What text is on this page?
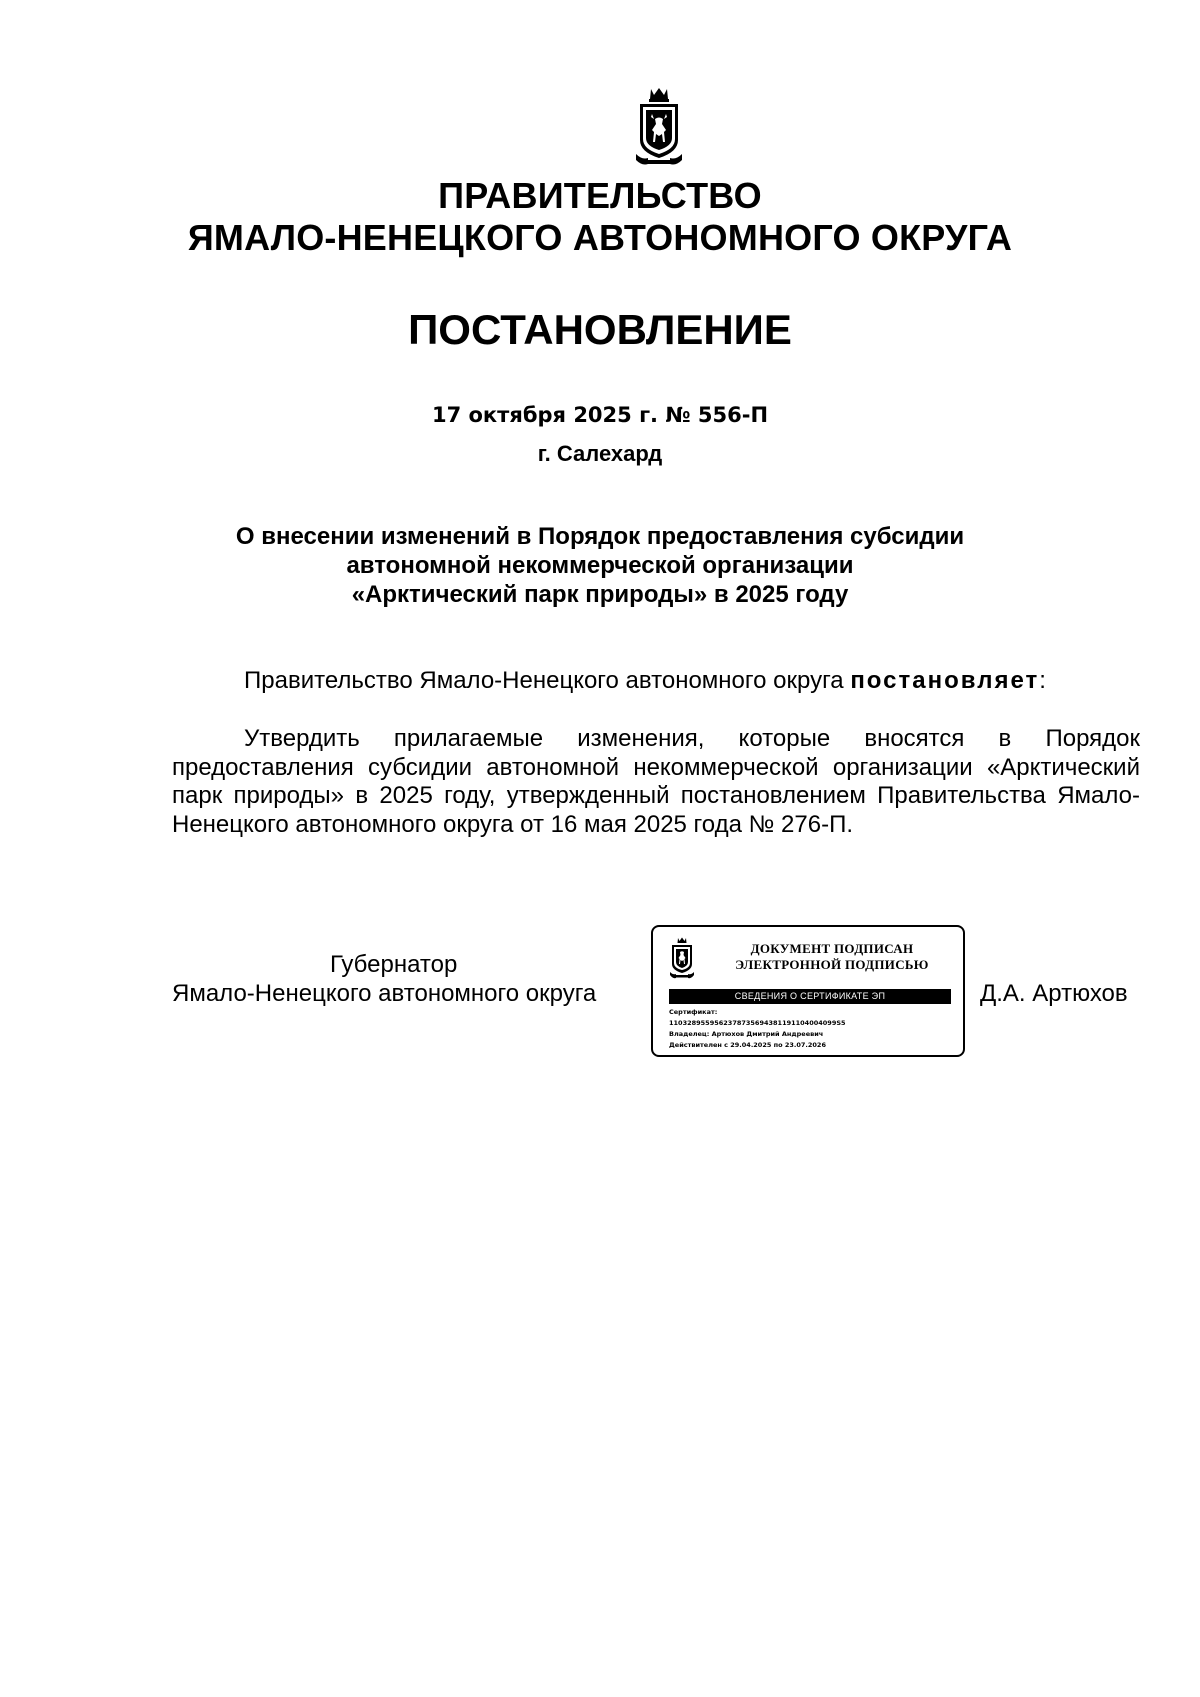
ПРАВИТЕЛЬСТВО
ЯМАЛО-НЕНЕЦКОГО АВТОНОМНОГО ОКРУГА
ПОСТАНОВЛЕНИЕ
17 октября 2025 г. № 556-П
г. Салехард
О внесении изменений в Порядок предоставления субсидии
автономной некоммерческой организации
«Арктический парк природы» в 2025 году
Правительство Ямало-Ненецкого автономного округа постановляет:
Утвердить прилагаемые изменения, которые вносятся в Порядок предоставления субсидии автономной некоммерческой организации «Арктический парк природы» в 2025 году, утвержденный постановлением Правительства Ямало-Ненецкого автономного округа от 16 мая 2025 года № 276-П.
Губернатор
Ямало-Ненецкого автономного округа
ДОКУМЕНТ ПОДПИСАН
ЭЛЕКТРОННОЙ ПОДПИСЬЮ
СВЕДЕНИЯ О СЕРТИФИКАТЕ ЭП
Сертификат:
1103289559562378735694381191104004099S5
Владелец: Артюхов Дмитрий Андреевич
Действителен с 29.04.2025 по 23.07.2026
Д.А. Артюхов
